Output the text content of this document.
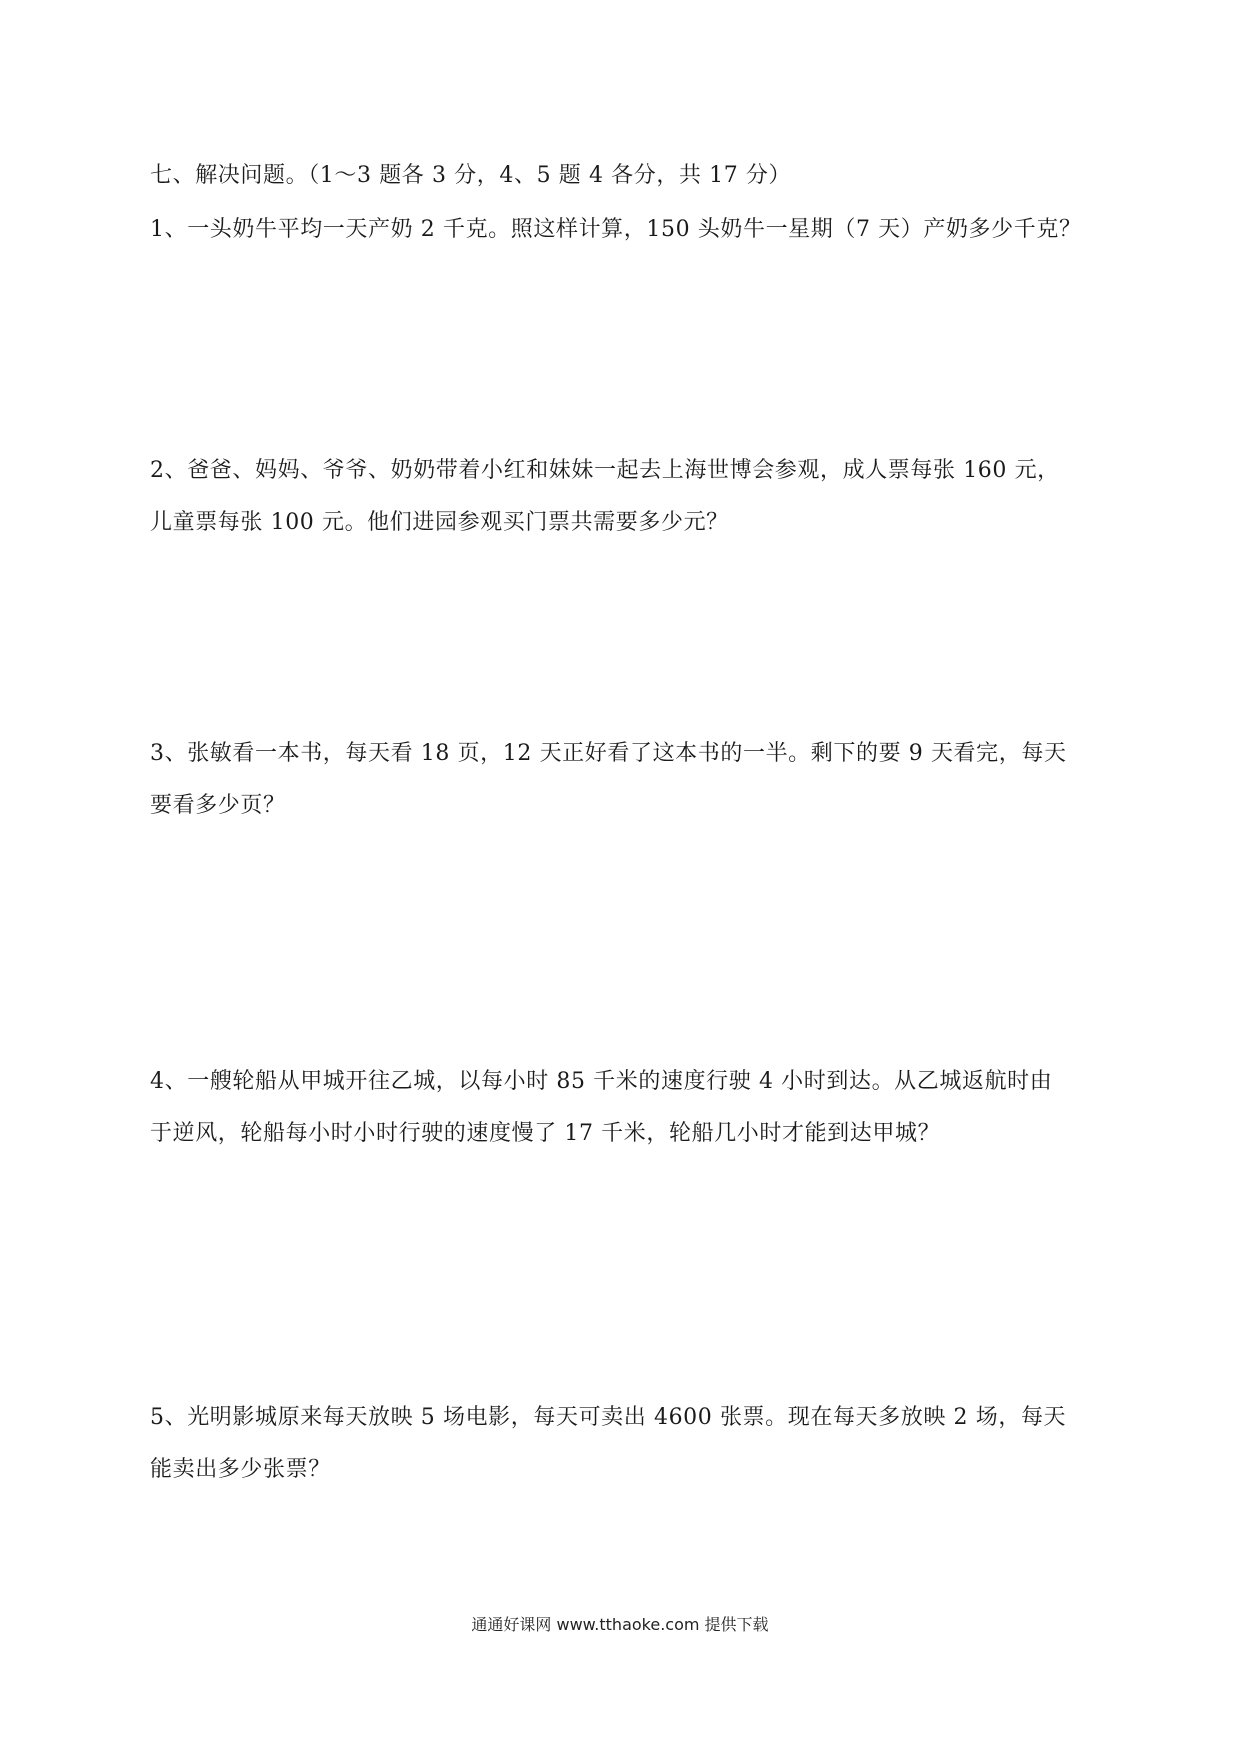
七、解决问题。（1～3 题各 3 分，4、5 题 4 各分，共 17 分）
1、一头奶牛平均一天产奶 2 千克。照这样计算，150 头奶牛一星期（7 天）产奶多少千克？
2、爸爸、妈妈、爷爷、奶奶带着小红和妹妹一起去上海世博会参观，成人票每张 160 元，
儿童票每张 100 元。他们进园参观买门票共需要多少元？
3、张敏看一本书，每天看 18 页，12 天正好看了这本书的一半。剩下的要 9 天看完，每天
要看多少页？
4、一艘轮船从甲城开往乙城，以每小时 85 千米的速度行驶 4 小时到达。从乙城返航时由
于逆风，轮船每小时小时行驶的速度慢了 17 千米，轮船几小时才能到达甲城？
5、光明影城原来每天放映 5 场电影，每天可卖出 4600 张票。现在每天多放映 2 场，每天
能卖出多少张票？
通通好课网 www.tthaoke.com 提供下载
